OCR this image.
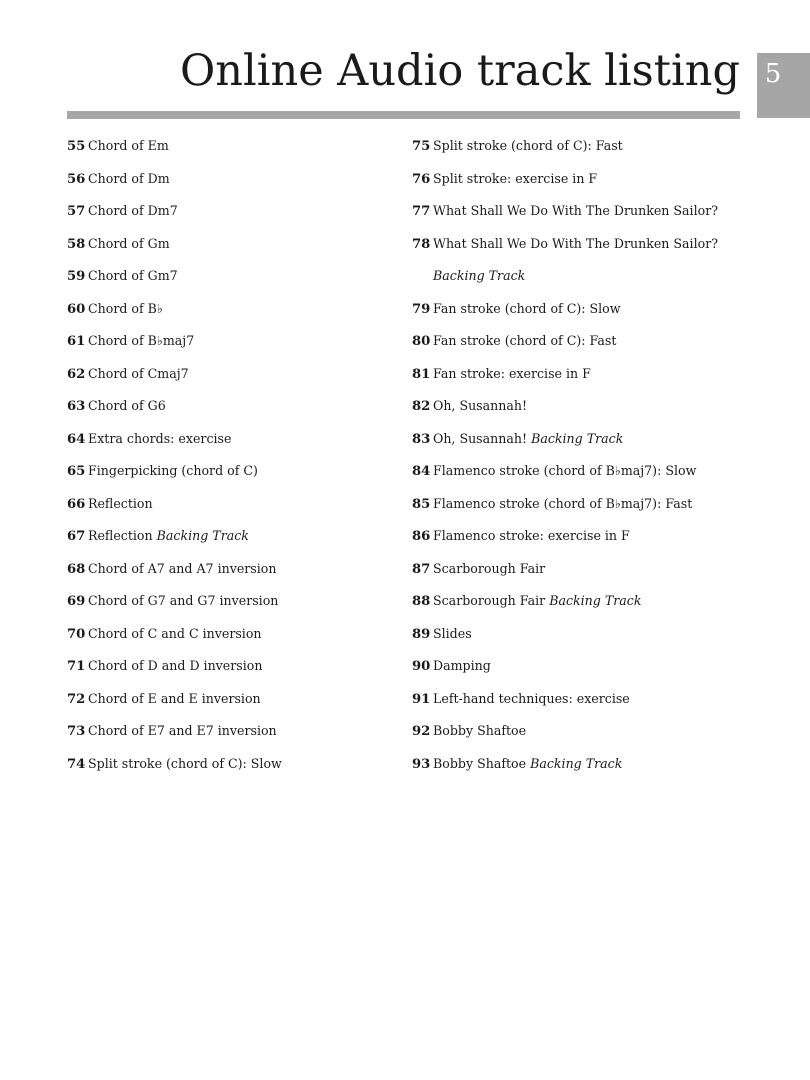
Online Audio track listing 5
55 Chord of Em
56 Chord of Dm
57 Chord of Dm7
58 Chord of Gm
59 Chord of Gm7
60 Chord of B♭
61 Chord of B♭maj7
62 Chord of Cmaj7
63 Chord of G6
64 Extra chords: exercise
65 Fingerpicking (chord of C)
66 Reflection
67 Reflection Backing Track
68 Chord of A7 and A7 inversion
69 Chord of G7 and G7 inversion
70 Chord of C and C inversion
71 Chord of D and D inversion
72 Chord of E and E inversion
73 Chord of E7 and E7 inversion
74 Split stroke (chord of C): Slow
75 Split stroke (chord of C): Fast
76 Split stroke: exercise in F
77 What Shall We Do With The Drunken Sailor?
78 What Shall We Do With The Drunken Sailor?
Backing Track
79 Fan stroke (chord of C): Slow
80 Fan stroke (chord of C): Fast
81 Fan stroke: exercise in F
82 Oh, Susannah!
83 Oh, Susannah! Backing Track
84 Flamenco stroke (chord of B♭maj7): Slow
85 Flamenco stroke (chord of B♭maj7): Fast
86 Flamenco stroke: exercise in F
87 Scarborough Fair
88 Scarborough Fair Backing Track
89 Slides
90 Damping
91 Left-hand techniques: exercise
92 Bobby Shaftoe
93 Bobby Shaftoe Backing Track
